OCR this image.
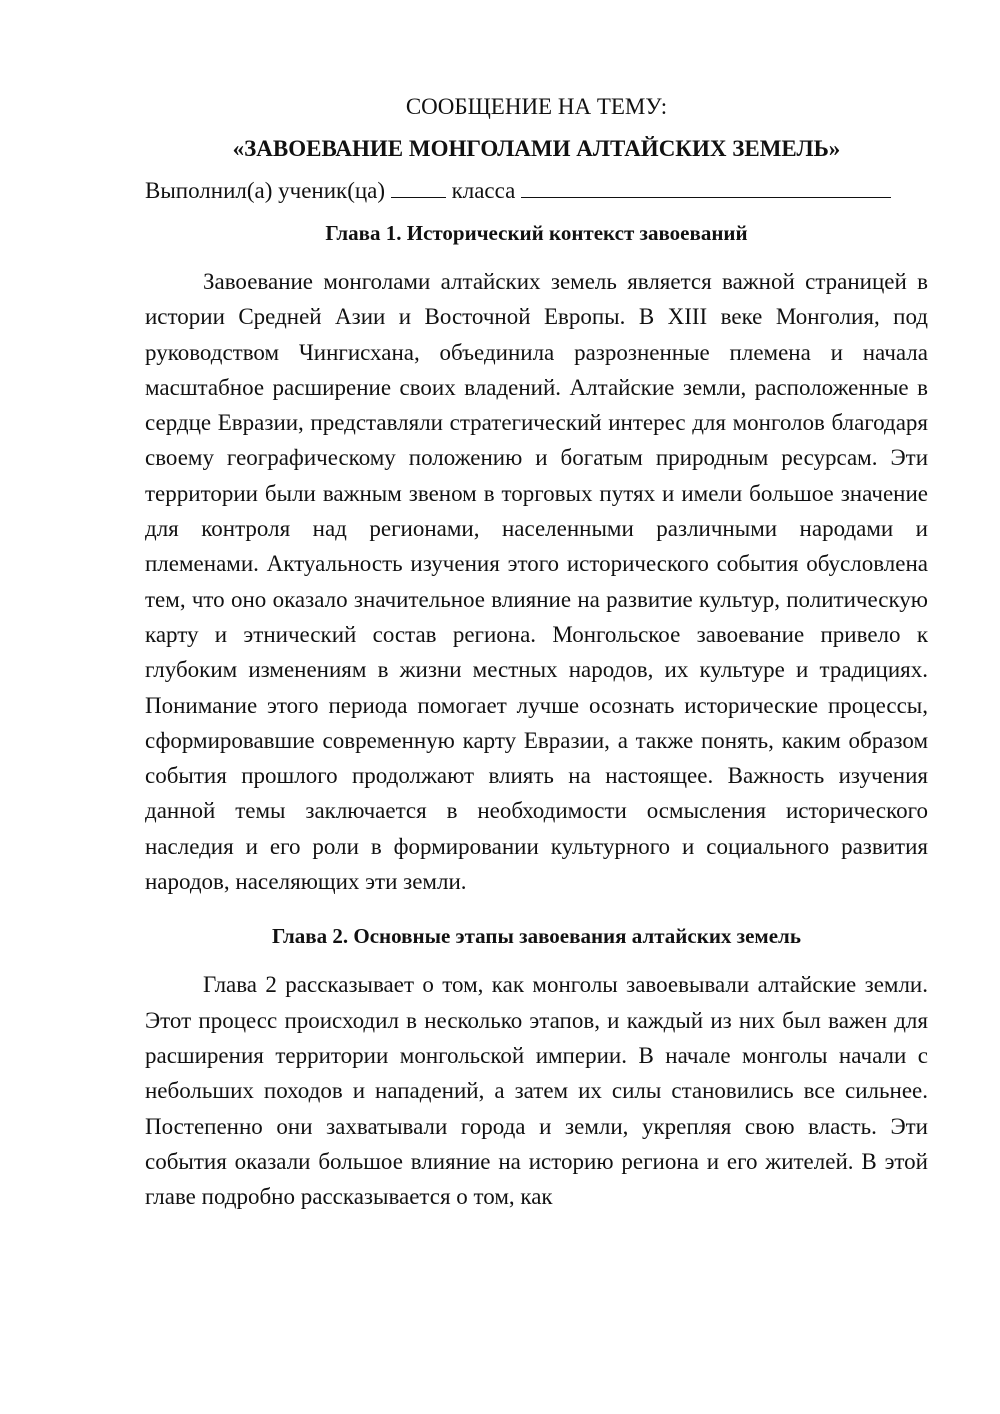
СООБЩЕНИЕ НА ТЕМУ:

«ЗАВОЕВАНИЕ МОНГОЛАМИ АЛТАЙСКИХ ЗЕМЕЛЬ»

Выполнил(а) ученик(ца)	класса

Глава 1. Исторический контекст завоеваний

Завоевание монголами алтайских земель является важной страницей в истории Средней Азии и Восточной Европы. В XIII веке Монголия, под руководством Чингисхана, объединила разрозненные племена и начала масштабное расширение своих владений. Алтайские земли, расположенные в сердце Евразии, представляли стратегический интерес для монголов благодаря своему географическому положению и богатым природным ресурсам. Эти территории были важным звеном в торговых путях и имели большое значение для контроля над регионами, населенными различными народами и племенами. Актуальность изучения этого исторического события обусловлена тем, что оно оказало значительное влияние на развитие культур, политическую карту и этнический состав региона. Монгольское завоевание привело к глубоким изменениям в жизни местных народов, их культуре и традициях. Понимание этого периода помогает лучше осознать исторические процессы, сформировавшие современную карту Евразии, а также понять, каким образом события прошлого продолжают влиять на настоящее. Важность изучения данной темы заключается в необходимости осмысления исторического наследия и его роли в формировании культурного и социального развития народов, населяющих эти земли.

Глава 2. Основные этапы завоевания алтайских земель

Глава 2 рассказывает о том, как монголы завоевывали алтайские земли. Этот процесс происходил в несколько этапов, и каждый из них был важен для расширения территории монгольской империи. В начале монголы начали с небольших походов и нападений, а затем их силы становились все сильнее. Постепенно они захватывали города и земли, укрепляя свою власть. Эти события оказали большое влияние на историю региона и его жителей. В этой главе подробно рассказывается о том, как
